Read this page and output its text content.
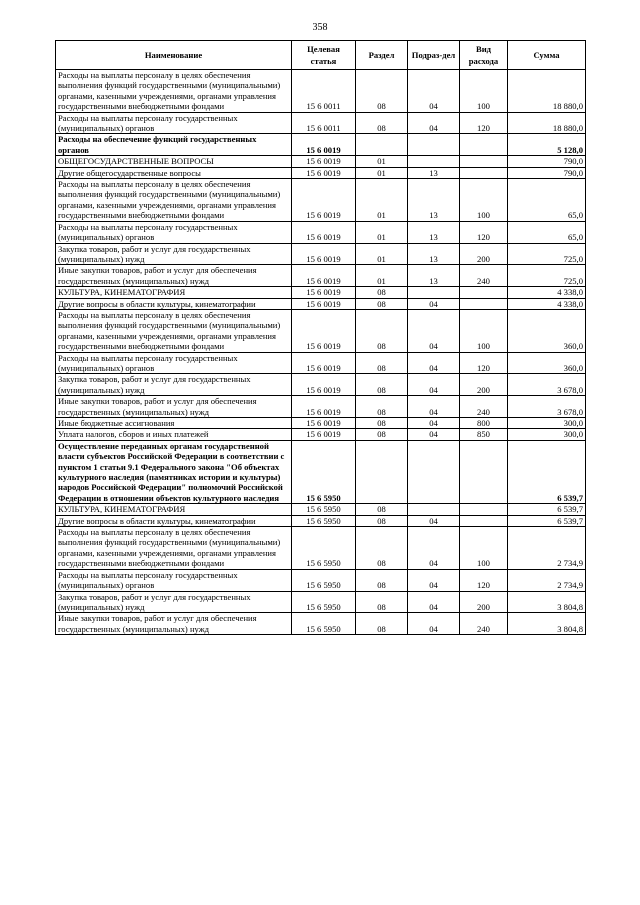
358
Наименование	Целевая статья	Раздел	Подраз-дел	Вид расхода	Сумма
Расходы на выплаты персоналу в целях обеспечения выполнения функций государственными (муниципальными) органами, казенными учреждениями, органами управления государственными внебюджетными фондами	15 6 0011	08	04	100	18 880,0
Расходы на выплаты персоналу государственных (муниципальных) органов	15 6 0011	08	04	120	18 880,0
Расходы на обеспечение функций государственных органов	15 6 0019				5 128,0
ОБЩЕГОСУДАРСТВЕННЫЕ ВОПРОСЫ	15 6 0019	01			790,0
Другие общегосударственные вопросы	15 6 0019	01	13		790,0
Расходы на выплаты персоналу в целях обеспечения выполнения функций государственными (муниципальными) органами, казенными учреждениями, органами управления государственными внебюджетными фондами	15 6 0019	01	13	100	65,0
Расходы на выплаты персоналу государственных (муниципальных) органов	15 6 0019	01	13	120	65,0
Закупка товаров, работ и услуг для государственных (муниципальных) нужд	15 6 0019	01	13	200	725,0
Иные закупки товаров, работ и услуг для обеспечения государственных (муниципальных) нужд	15 6 0019	01	13	240	725,0
КУЛЬТУРА, КИНЕМАТОГРАФИЯ	15 6 0019	08			4 338,0
Другие вопросы в области культуры, кинематографии	15 6 0019	08	04		4 338,0
Расходы на выплаты персоналу в целях обеспечения выполнения функций государственными (муниципальными) органами, казенными учреждениями, органами управления государственными внебюджетными фондами	15 6 0019	08	04	100	360,0
Расходы на выплаты персоналу государственных (муниципальных) органов	15 6 0019	08	04	120	360,0
Закупка товаров, работ и услуг для государственных (муниципальных) нужд	15 6 0019	08	04	200	3 678,0
Иные закупки товаров, работ и услуг для обеспечения государственных (муниципальных) нужд	15 6 0019	08	04	240	3 678,0
Иные бюджетные ассигнования	15 6 0019	08	04	800	300,0
Уплата налогов, сборов и иных платежей	15 6 0019	08	04	850	300,0
Осуществление переданных органам государственной власти субъектов Российской Федерации в соответствии с пунктом 1 статьи 9.1 Федерального закона "Об объектах культурного наследия (памятниках истории и культуры) народов Российской Федерации" полномочий Российской Федерации в отношении объектов культурного наследия	15 6 5950				6 539,7
КУЛЬТУРА, КИНЕМАТОГРАФИЯ	15 6 5950	08			6 539,7
Другие вопросы в области культуры, кинематографии	15 6 5950	08	04		6 539,7
Расходы на выплаты персоналу в целях обеспечения выполнения функций государственными (муниципальными) органами, казенными учреждениями, органами управления государственными внебюджетными фондами	15 6 5950	08	04	100	2 734,9
Расходы на выплаты персоналу государственных (муниципальных) органов	15 6 5950	08	04	120	2 734,9
Закупка товаров, работ и услуг для государственных (муниципальных) нужд	15 6 5950	08	04	200	3 804,8
Иные закупки товаров, работ и услуг для обеспечения государственных (муниципальных) нужд	15 6 5950	08	04	240	3 804,8
